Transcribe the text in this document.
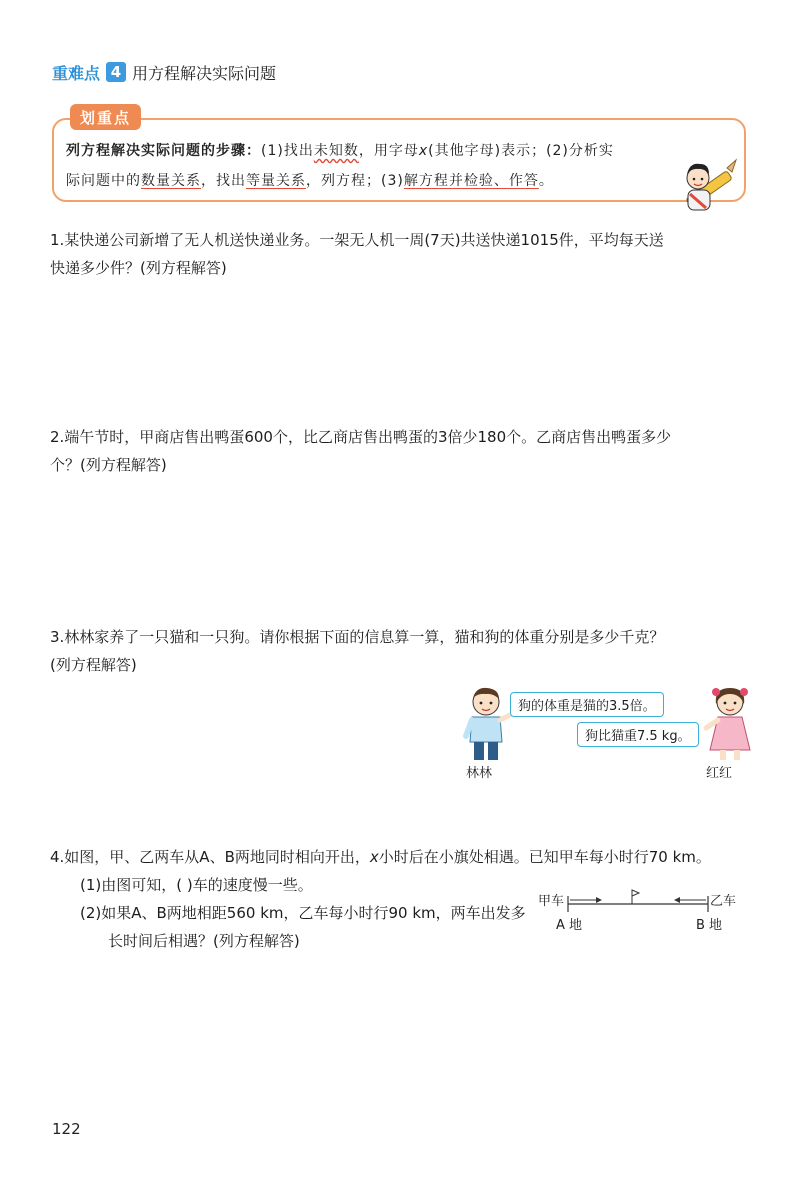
重难点 4 用方程解决实际问题
划重点
列方程解决实际问题的步骤：(1)找出未知数，用字母x(其他字母)表示；(2)分析实
际问题中的数量关系，找出等量关系，列方程；(3)解方程并检验、作答。
1.某快递公司新增了无人机送快递业务。一架无人机一周(7天)共送快递1015件，平均每天送
快递多少件？(列方程解答)
2.端午节时，甲商店售出鸭蛋600个，比乙商店售出鸭蛋的3倍少180个。乙商店售出鸭蛋多少
个？(列方程解答)
3.林林家养了一只猫和一只狗。请你根据下面的信息算一算，猫和狗的体重分别是多少千克？
(列方程解答)
狗的体重是猫的3.5倍。
狗比猫重7.5 kg。
林林	红红
4.如图，甲、乙两车从A、B两地同时相向开出，x小时后在小旗处相遇。已知甲车每小时行70 km。

(1)由图可知，( )车的速度慢一些。
(2)如果A、B两地相距560 km，乙车每小时行90 km，两车出发多
长时间后相遇？(列方程解答)
甲车	乙车
A 地	B 地
122
